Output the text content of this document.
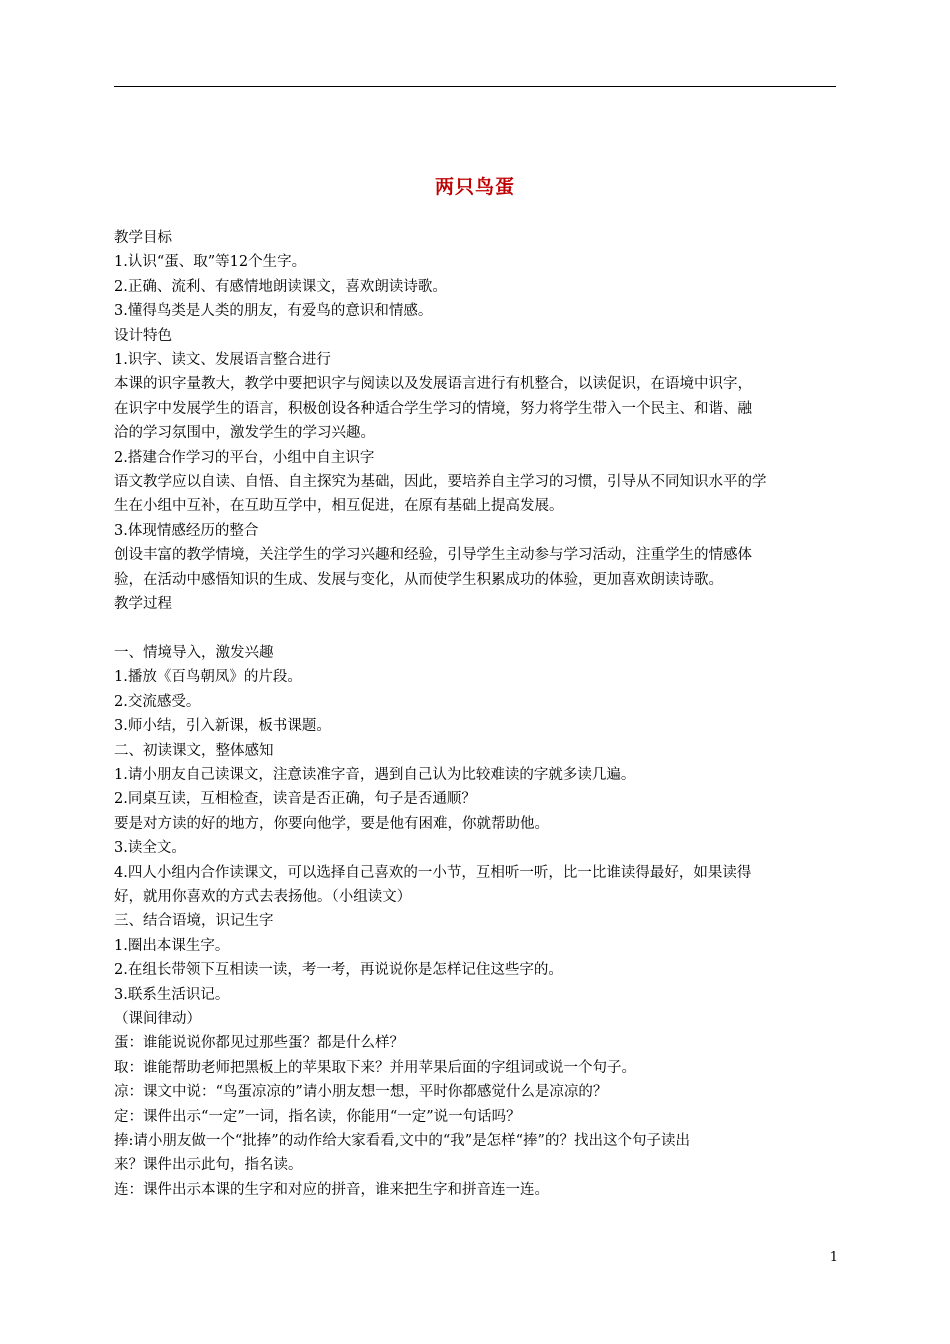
两只鸟蛋

教学目标

1.认识“蛋、取”等12个生字。

2.正确、流利、有感情地朗读课文，喜欢朗读诗歌。

3.懂得鸟类是人类的朋友，有爱鸟的意识和情感。

设计特色

1.识字、读文、发展语言整合进行

本课的识字量教大，教学中要把识字与阅读以及发展语言进行有机整合，以读促识，在语境中识字，

在识字中发展学生的语言，积极创设各种适合学生学习的情境，努力将学生带入一个民主、和谐、融

洽的学习氛围中，激发学生的学习兴趣。

2.搭建合作学习的平台，小组中自主识字

语文教学应以自读、自悟、自主探究为基础，因此，要培养自主学习的习惯，引导从不同知识水平的学

生在小组中互补，在互助互学中，相互促进，在原有基础上提高发展。

3.体现情感经历的整合

创设丰富的教学情境，关注学生的学习兴趣和经验，引导学生主动参与学习活动，注重学生的情感体

验，在活动中感悟知识的生成、发展与变化，从而使学生积累成功的体验，更加喜欢朗读诗歌。

教学过程

一、情境导入，激发兴趣

1.播放《百鸟朝凤》的片段。

2.交流感受。

3.师小结，引入新课，板书课题。

二、初读课文，整体感知

1.请小朋友自己读课文，注意读准字音，遇到自己认为比较难读的字就多读几遍。

2.同桌互读，互相检查，读音是否正确，句子是否通顺？

要是对方读的好的地方，你要向他学，要是他有困难，你就帮助他。

3.读全文。

4.四人小组内合作读课文，可以选择自己喜欢的一小节，互相听一听，比一比谁读得最好，如果读得

好，就用你喜欢的方式去表扬他。（小组读文）

三、结合语境，识记生字

1.圈出本课生字。

2.在组长带领下互相读一读，考一考，再说说你是怎样记住这些字的。

3.联系生活识记。

（课间律动）

蛋：谁能说说你都见过那些蛋？都是什么样？

取：谁能帮助老师把黑板上的苹果取下来？并用苹果后面的字组词或说一个句子。

凉：课文中说：“鸟蛋凉凉的”请小朋友想一想，平时你都感觉什么是凉凉的？

定：课件出示“一定”一词，指名读，你能用“一定”说一句话吗？

捧:请小朋友做一个“批捧”的动作给大家看看,文中的“我”是怎样“捧”的？找出这个句子读出

来？课件出示此句，指名读。

连：课件出示本课的生字和对应的拼音，谁来把生字和拼音连一连。

1
